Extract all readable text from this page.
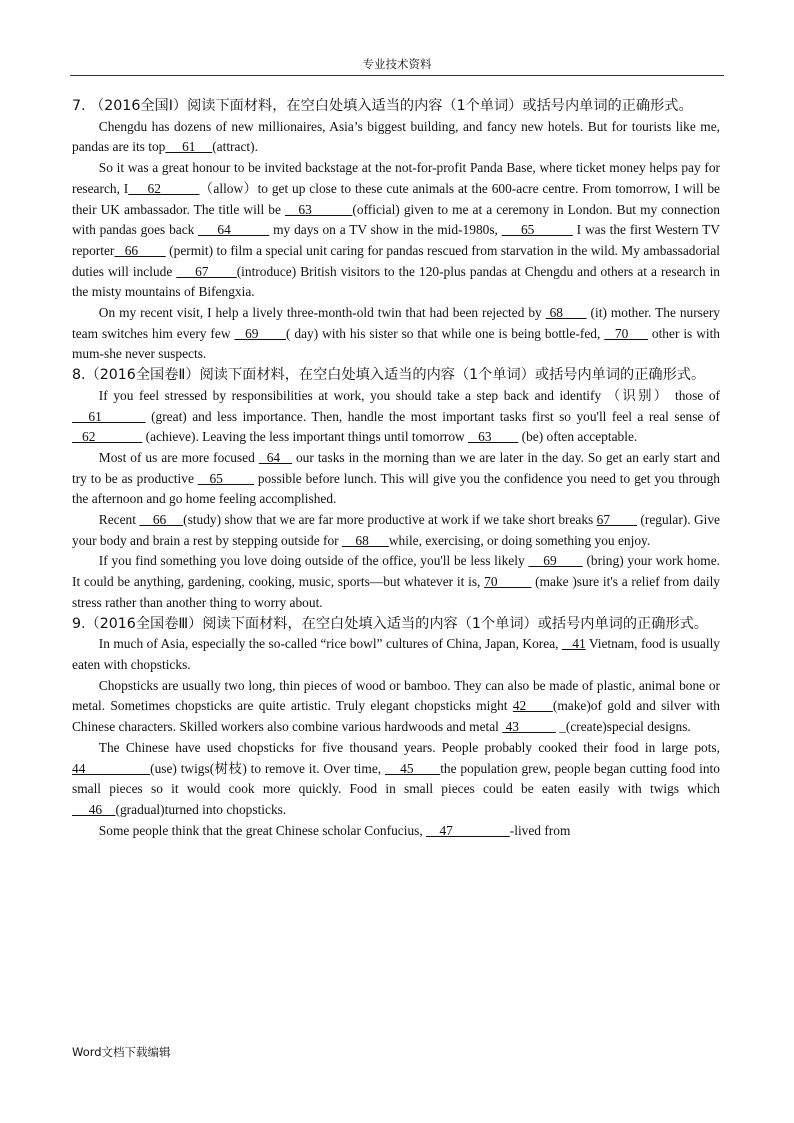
专业技术资料

7. （2016全国Ⅰ）阅读下面材料，在空白处填入适当的内容（1个单词）或括号内单词的正确形式。

Chengdu has dozens of new millionaires, Asia’s biggest building, and fancy new hotels. But for tourists like me, pandas are its top     61     (attract).

So it was a great honour to be invited backstage at the not-for-profit Panda Base, where ticket money helps pay for research, I     62          （allow）to get up close to these cute animals at the 600-acre centre. From tomorrow, I will be their UK ambassador. The title will be __63          (official) given to me at a ceremony in London. But my connection with pandas goes back      64           my days on a TV show in the mid-1980s,      65           I was the first Western TV reporter   66         (permit) to film a special unit caring for pandas rescued from starvation in the wild. My ambassadorial duties will include    _67       (introduce) British visitors to the 120-plus pandas at Chengdu and others at a research in the misty mountains of Bifengxia.

On my recent visit, I help a lively three-month-old twin that had been rejected by  68       (it) mother. The nursery team switches him every few  _69       ( day) with his sister so that while one is being bottle-fed,  _70      other is with mum-she never suspects.

8.（2016全国卷Ⅱ）阅读下面材料，在空白处填入适当的内容（1个单词）或括号内单词的正确形式。

If you feel stressed by responsibilities at work, you should take a step back and identify （识别） those of    61         (great) and less importance. Then, handle the most important tasks first so you'll feel a real sense of    62               (achieve). Leaving the less important things until tomorrow    63         (be) often acceptable.

Most of us are more focused   64    our tasks in the morning than we are later in the day. So get an early start and try to be as productive    65         possible before lunch. This will give you the confidence you need to get you through the afternoon and go home feeling accomplished.

Recent     66     (study) show that we are far more productive at work if we take short breaks 67         (regular). Give your body and brain a rest by stepping outside for     68      while, exercising, or doing something you enjoy.

If you find something you love doing outside of the office, you'll be less likely     69        (bring) your work home. It could be anything, gardening, cooking, music, sports—but whatever it is, 70          (make )sure it's a relief from daily stress rather than another thing to worry about.

9.（2016全国卷Ⅲ）阅读下面材料，在空白处填入适当的内容（1个单词）或括号内单词的正确形式。

In much of Asia, especially the so-called “rice bowl” cultures of China, Japan, Korea,    41 Vietnam, food is usually eaten with chopsticks.

Chopsticks are usually two long, thin pieces of wood or bamboo. They can also be made of plastic, animal bone or metal. Sometimes chopsticks are quite artistic. Truly elegant chopsticks might 42     (make)of gold and silver with Chinese characters. Skilled workers also combine various hardwoods and metal  43            _(create)special designs.

The Chinese have used chopsticks for five thousand years. People probably cooked their food in large pots, 44                 (use) twigs(树枝) to remove it. Over time,     45       the population grew, people began cutting food into small pieces so it would cook more quickly. Food in small pieces could be eaten easily with twigs which      46    (gradual)turned into chopsticks.

Some people think that the great Chinese scholar Confucius,     47                 -lived from

Word文档下载编辑
